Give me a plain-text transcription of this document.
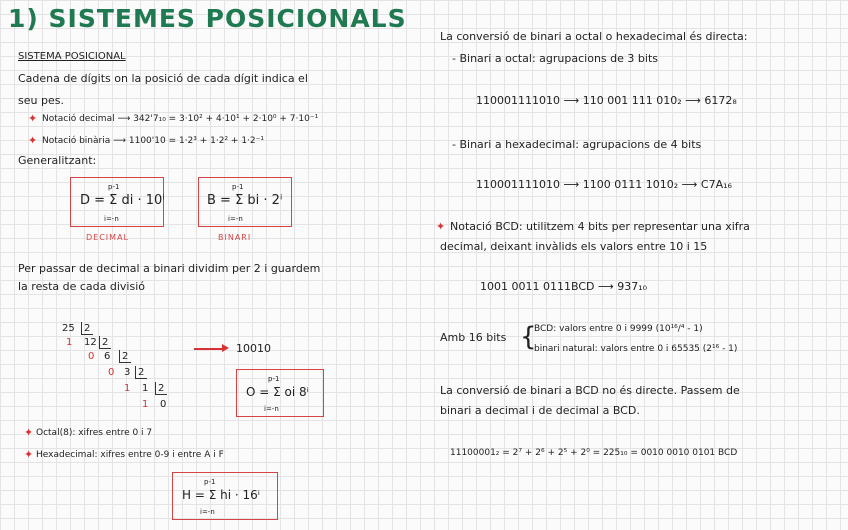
1) SISTEMES POSICIONALS
SISTEMA POSICIONAL
Cadena de dígits on la posició de cada dígit indica el
seu pes.
✦ Notació decimal ⟶ 342'7₁₀ = 3·10² + 4·10¹ + 2·10⁰ + 7·10⁻¹
✦ Notació binària ⟶ 1100'10 = 1·2³ + 1·2² + 1·2⁻¹
Generalitzant:
p-1
D = Σ di · 10ⁱ
i=-n
DECIMAL
p-1
B = Σ bi · 2ⁱ
i=-n
BINARI
Per passar de decimal a binari dividim per 2 i guardem
la resta de cada divisió
25 2
1 12 2
0 6 2
0 3 2
1 1 2
1 0
10010
p-1
O = Σ oi 8ⁱ
i=-n
✦ Octal(8): xifres entre 0 i 7
✦ Hexadecimal: xifres entre 0-9 i entre A i F
p-1
H = Σ hi · 16ⁱ
i=-n
La conversió de binari a octal o hexadecimal és directa:
- Binari a octal: agrupacions de 3 bits
110001111010 ⟶ 110 001 111 010₂ ⟶ 6172₈
- Binari a hexadecimal: agrupacions de 4 bits
110001111010 ⟶ 1100 0111 1010₂ ⟶ C7A₁₆
✦ Notació BCD: utilitzem 4 bits per representar una xifra
decimal, deixant invàlids els valors entre 10 i 15
1001 0011 0111BCD ⟶ 937₁₀
Amb 16 bits {
BCD: valors entre 0 i 9999 (10¹⁶/⁴ - 1)
binari natural: valors entre 0 i 65535 (2¹⁶ - 1)
La conversió de binari a BCD no és directe. Passem de
binari a decimal i de decimal a BCD.
11100001₂ = 2⁷ + 2⁶ + 2⁵ + 2⁰ = 225₁₀ = 0010 0010 0101 BCD
